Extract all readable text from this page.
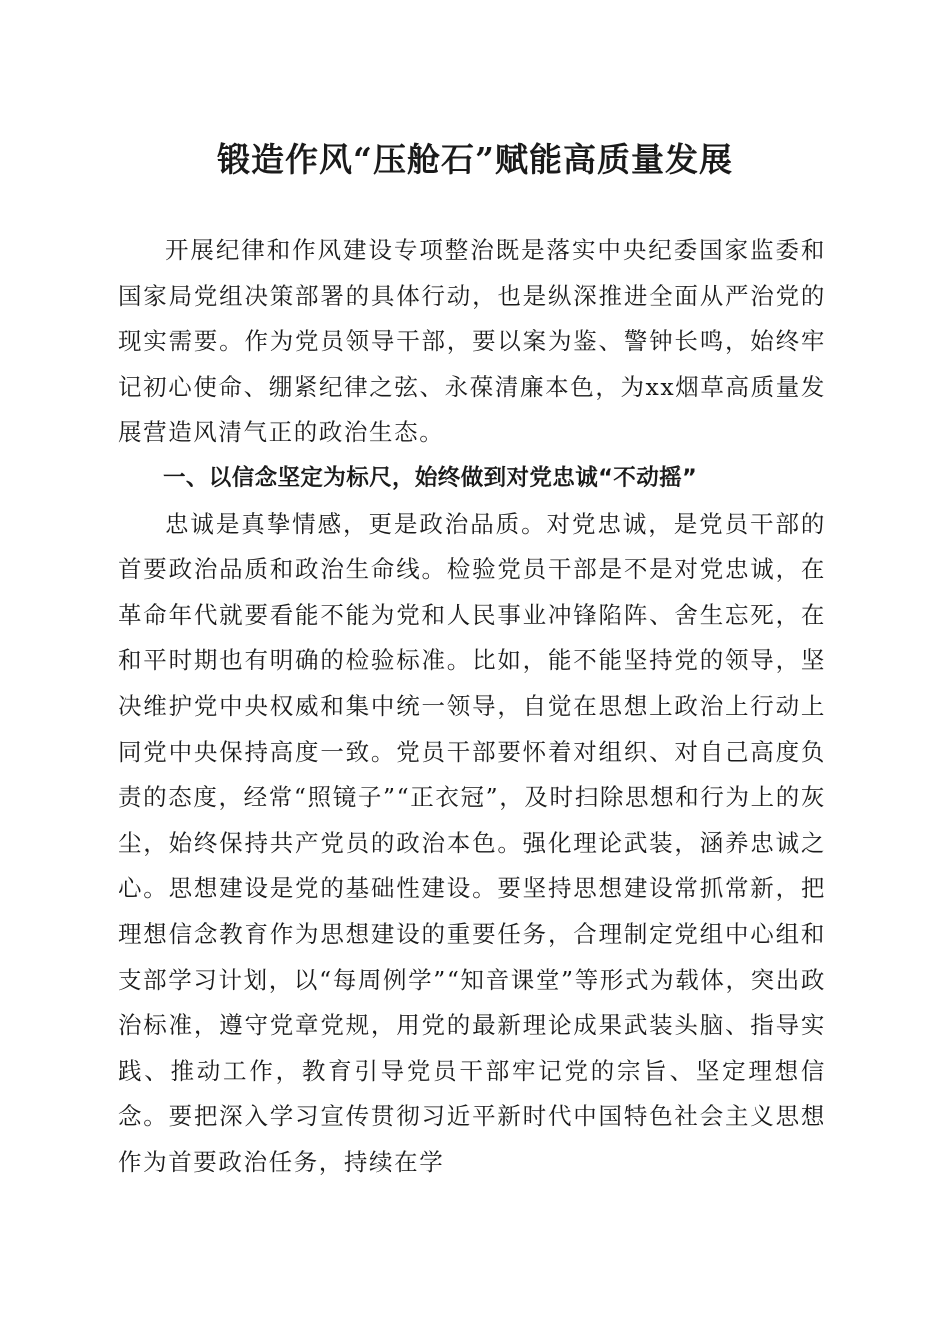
锻造作风“压舱石”赋能高质量发展

开展纪律和作风建设专项整治既是落实中央纪委国家监委和国家局党组决策部署的具体行动，也是纵深推进全面从严治党的现实需要。作为党员领导干部，要以案为鉴、警钟长鸣，始终牢记初心使命、绷紧纪律之弦、永葆清廉本色，为xx烟草高质量发展营造风清气正的政治生态。

一、以信念坚定为标尺，始终做到对党忠诚“不动摇”

忠诚是真挚情感，更是政治品质。对党忠诚，是党员干部的首要政治品质和政治生命线。检验党员干部是不是对党忠诚，在革命年代就要看能不能为党和人民事业冲锋陷阵、舍生忘死，在和平时期也有明确的检验标准。比如，能不能坚持党的领导，坚决维护党中央权威和集中统一领导，自觉在思想上政治上行动上同党中央保持高度一致。党员干部要怀着对组织、对自己高度负责的态度，经常“照镜子”“正衣冠”，及时扫除思想和行为上的灰尘，始终保持共产党员的政治本色。强化理论武装，涵养忠诚之心。思想建设是党的基础性建设。要坚持思想建设常抓常新，把理想信念教育作为思想建设的重要任务，合理制定党组中心组和支部学习计划，以“每周例学”“知音课堂”等形式为载体，突出政治标准，遵守党章党规，用党的最新理论成果武装头脑、指导实践、推动工作，教育引导党员干部牢记党的宗旨、坚定理想信念。要把深入学习宣传贯彻习近平新时代中国特色社会主义思想作为首要政治任务，持续在学
